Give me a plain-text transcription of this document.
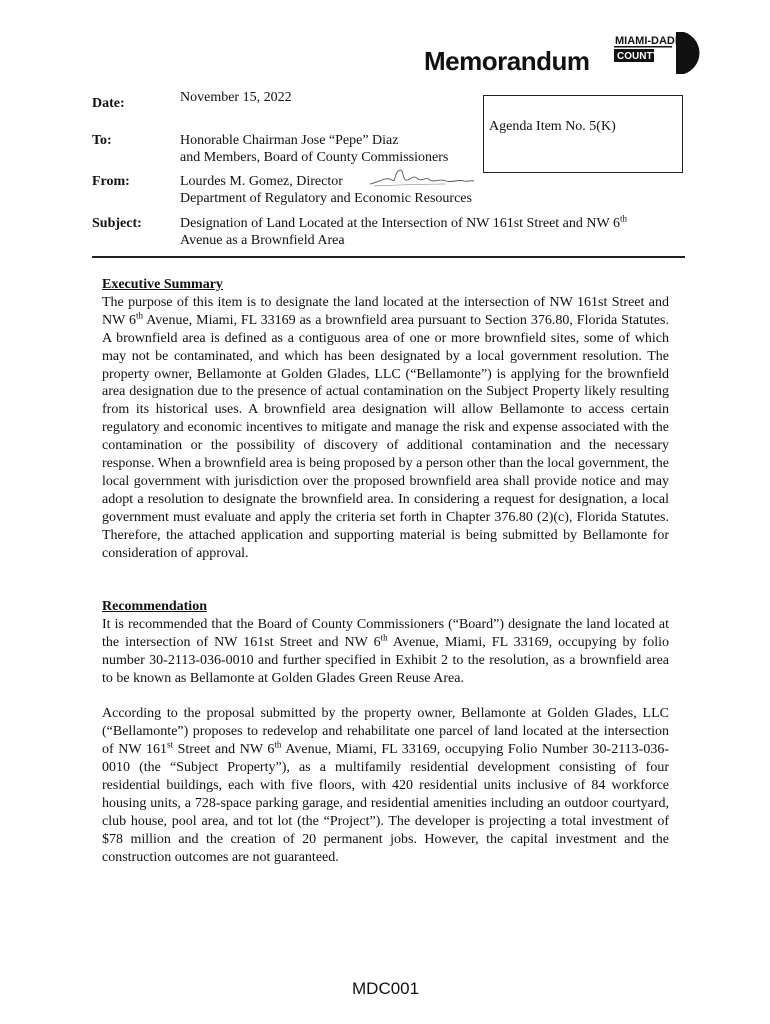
Memorandum
MIAMI-DADE
COUNTY
Date:	November 15, 2022
To:	Honorable Chairman Jose “Pepe” Diaz
and Members, Board of County Commissioners
From:	Lourdes M. Gomez, Director
Department of Regulatory and Economic Resources
Subject:	Designation of Land Located at the Intersection of NW 161st Street and NW 6th
Avenue as a Brownfield Area
Agenda Item No. 5(K)
Executive Summary
The purpose of this item is to designate the land located at the intersection of NW 161st Street and NW 6th Avenue, Miami, FL 33169 as a brownfield area pursuant to Section 376.80, Florida Statutes. A brownfield area is defined as a contiguous area of one or more brownfield sites, some of which may not be contaminated, and which has been designated by a local government resolution. The property owner, Bellamonte at Golden Glades, LLC (“Bellamonte”) is applying for the brownfield area designation due to the presence of actual contamination on the Subject Property likely resulting from its historical uses. A brownfield area designation will allow Bellamonte to access certain regulatory and economic incentives to mitigate and manage the risk and expense associated with the contamination or the possibility of discovery of additional contamination and the necessary response. When a brownfield area is being proposed by a person other than the local government, the local government with jurisdiction over the proposed brownfield area shall provide notice and may adopt a resolution to designate the brownfield area. In considering a request for designation, a local government must evaluate and apply the criteria set forth in Chapter 376.80 (2)(c), Florida Statutes. Therefore, the attached application and supporting material is being submitted by Bellamonte for consideration of approval.
Recommendation
It is recommended that the Board of County Commissioners (“Board”) designate the land located at the intersection of NW 161st Street and NW 6th Avenue, Miami, FL 33169, occupying by folio number 30-2113-036-0010 and further specified in Exhibit 2 to the resolution, as a brownfield area to be known as Bellamonte at Golden Glades Green Reuse Area.
According to the proposal submitted by the property owner, Bellamonte at Golden Glades, LLC (“Bellamonte”) proposes to redevelop and rehabilitate one parcel of land located at the intersection of NW 161st Street and NW 6th Avenue, Miami, FL 33169, occupying Folio Number 30-2113-036-0010 (the “Subject Property”), as a multifamily residential development consisting of four residential buildings, each with five floors, with 420 residential units inclusive of 84 workforce housing units, a 728-space parking garage, and residential amenities including an outdoor courtyard, club house, pool area, and tot lot (the “Project”). The developer is projecting a total investment of $78 million and the creation of 20 permanent jobs. However, the capital investment and the construction outcomes are not guaranteed.
MDC001
